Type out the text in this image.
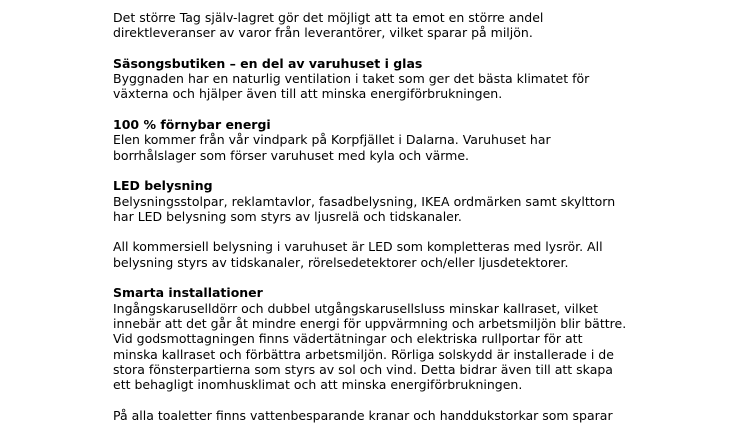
Det större Tag själv-lagret gör det möjligt att ta emot en större andel
direktleveranser av varor från leverantörer, vilket sparar på miljön.
Säsongsbutiken – en del av varuhuset i glas
Byggnaden har en naturlig ventilation i taket som ger det bästa klimatet för
växterna och hjälper även till att minska energiförbrukningen.
100 % förnybar energi
Elen kommer från vår vindpark på Korpfjället i Dalarna. Varuhuset har
borrhålslager som förser varuhuset med kyla och värme.
LED belysning
Belysningsstolpar, reklamtavlor, fasadbelysning, IKEA ordmärken samt skylttorn
har LED belysning som styrs av ljusrelä och tidskanaler.
All kommersiell belysning i varuhuset är LED som kompletteras med lysrör. All
belysning styrs av tidskanaler, rörelsedetektorer och/eller ljusdetektorer.
Smarta installationer
Ingångskaruselldörr och dubbel utgångskarusellsluss minskar kallraset, vilket
innebär att det går åt mindre energi för uppvärmning och arbetsmiljön blir bättre.
Vid godsmottagningen finns vädertätningar och elektriska rullportar för att
minska kallraset och förbättra arbetsmiljön. Rörliga solskydd är installerade i de
stora fönsterpartierna som styrs av sol och vind. Detta bidrar även till att skapa
ett behagligt inomhusklimat och att minska energiförbrukningen.
På alla toaletter finns vattenbesparande kranar och handdukstorkar som sparar
